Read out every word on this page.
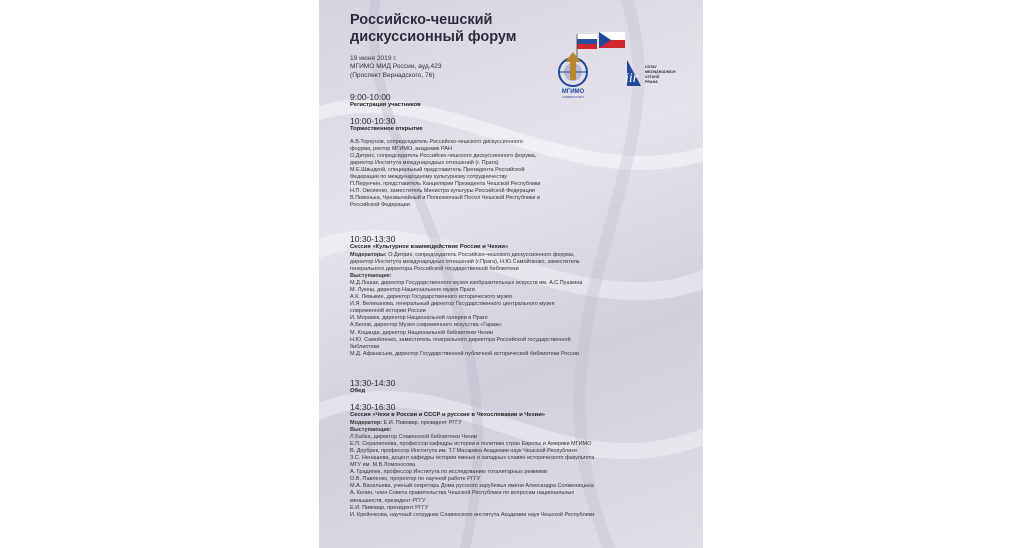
Российско-чешский
дискуссионный форум
19 июня 2019 г.
МГИМО МИД России, ауд.423
(Проспект Вернадского, 76)
МГИМО
УНИВЕРСИТЕТ
iir
ÚSTAV
MEZINÁRODNÍCH
VZTAHŮ
PRAHA
9:00-10:00
Регистрация участников
10:00-10:30
Торжественное открытие
А.В.Торкунов, сопредседатель Российско-чешского дискуссионного
форума, ректор МГИМО, академик РАН
О.Дитрих, сопредседатель Российско-чешского дискуссионного форума,
директор Института международных отношений (г. Прага)
М.Е.Швыдкой, специальный представитель Президента Российской
Федерации по международному культурному сотрудничеству
П.Перунчин, представитель Канцелярии Президента Чешской Республики
Н.П. Овсиенко, заместитель Министра культуры Российской Федерации
В.Пивонька, Чрезвычайный и Полномочный Посол Чешской Республики в
Российской Федерации
10:30-13:30
Сессия «Культурное взаимодействие России и Чехии»
Модераторы: О.Дитрих, сопредседатель Российско-чешского дискуссионного форума,
директор Института международных отношений (г.Прага), Н.Ю.Самойленко, заместитель
генерального директора Российской государственной библиотеки
Выступающие:
М.Д.Лошак, директор Государственного музея изобразительных искусств им. А.С.Пушкина
М. Лукеш, директор Национального музея Праги
А.К. Левыкин, директор Государственного исторического музея
И.Я. Великанова, генеральный директор Государственного центрального музея
современной истории России
И. Моравек, директор Национальной галереи в Праге
А.Белов, директор Музея современного искусства «Гараж»
М. Коцанда, директор Национальной библиотеки Чехии
Н.Ю. Самойленко, заместитель генерального директора Российской государственной
библиотеки
М.Д. Афанасьев, директор Государственной публичной исторической библиотеки России
13:30-14:30
Обед
14:30-16:30
Сессия «Чехи в России и СССР и русские в Чехословакии и Чехии»
Модератор: Е.И. Пивовар, президент РГГУ
Выступающие:
Л.Бабка, директор Славянской библиотеки Чехии
Е.П. Серапионова, профессор кафедры истории и политики стран Европы и Америки МГИМО
В. Доубрек, профессор Института им. Т.Г.Масарика Академии наук Чешской Республики
З.С. Ненашева, доцент кафедры истории южных и западных славян исторического факультета
МГУ им. М.В.Ломоносова
А. Градилек, профессор Института по исследованию тоталитарных режимов
О.В. Павленко, проректор по научной работе РГГУ
М.А. Васильева, ученый секретарь Дома русского зарубежья имени Александра Солженицына
А. Келин, член Совета правительства Чешской Республики по вопросам национальных
меньшинств, президент РГГУ
Е.И. Пивовар, президент РГГУ
И. Крейнчкова, научный сотрудник Славянского института Академии наук Чешской Республики
